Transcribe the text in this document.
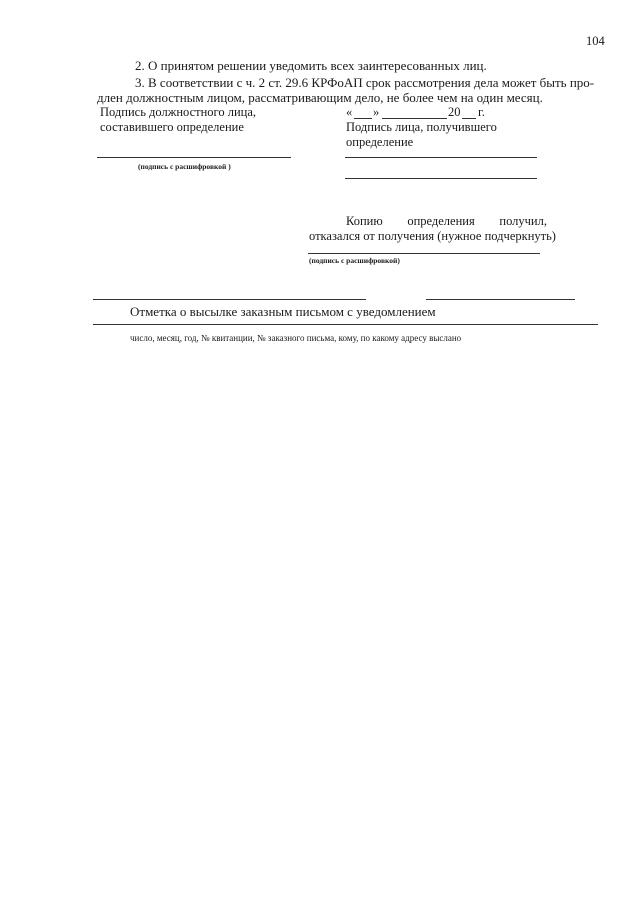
104
2. О принятом решении уведомить всех заинтересованных лиц.
3. В соответствии с ч. 2 ст. 29.6 КРФоАП срок рассмотрения дела может быть про-
длен должностным лицом, рассматривающим дело, не более чем на один месяц.
Подпись должностного лица,
составившего определение
(подпись с расшифровкой )
« »	20 г.
Подпись лица, получившего
определение
Копию определения получил,
отказался от получения (нужное подчеркнуть)
(подпись с расшифровкой)
Отметка о высылке заказным письмом с уведомлением
число, месяц, год, № квитанции, № заказного письма, кому, по какому адресу выслано
